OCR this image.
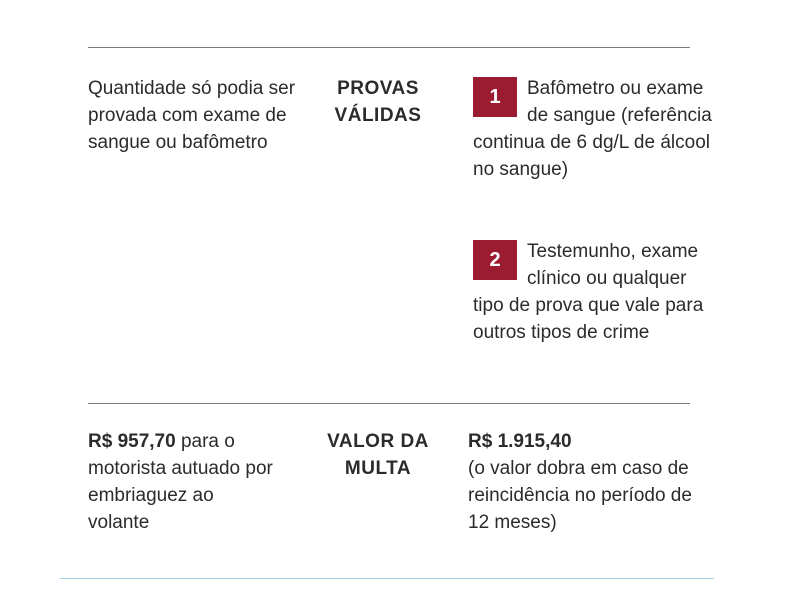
Quantidade só podia ser provada com exame de sangue ou bafômetro
PROVAS
VÁLIDAS
1	Bafômetro ou exame de sangue (referência continua de 6 dg/L de álcool no sangue)
2	Testemunho, exame clínico ou qualquer tipo de prova que vale para outros tipos de crime
R$ 957,70 para o motorista autuado por embriaguez ao volante
VALOR DA
MULTA
R$ 1.915,40
(o valor dobra em caso de reincidência no período de 12 meses)
